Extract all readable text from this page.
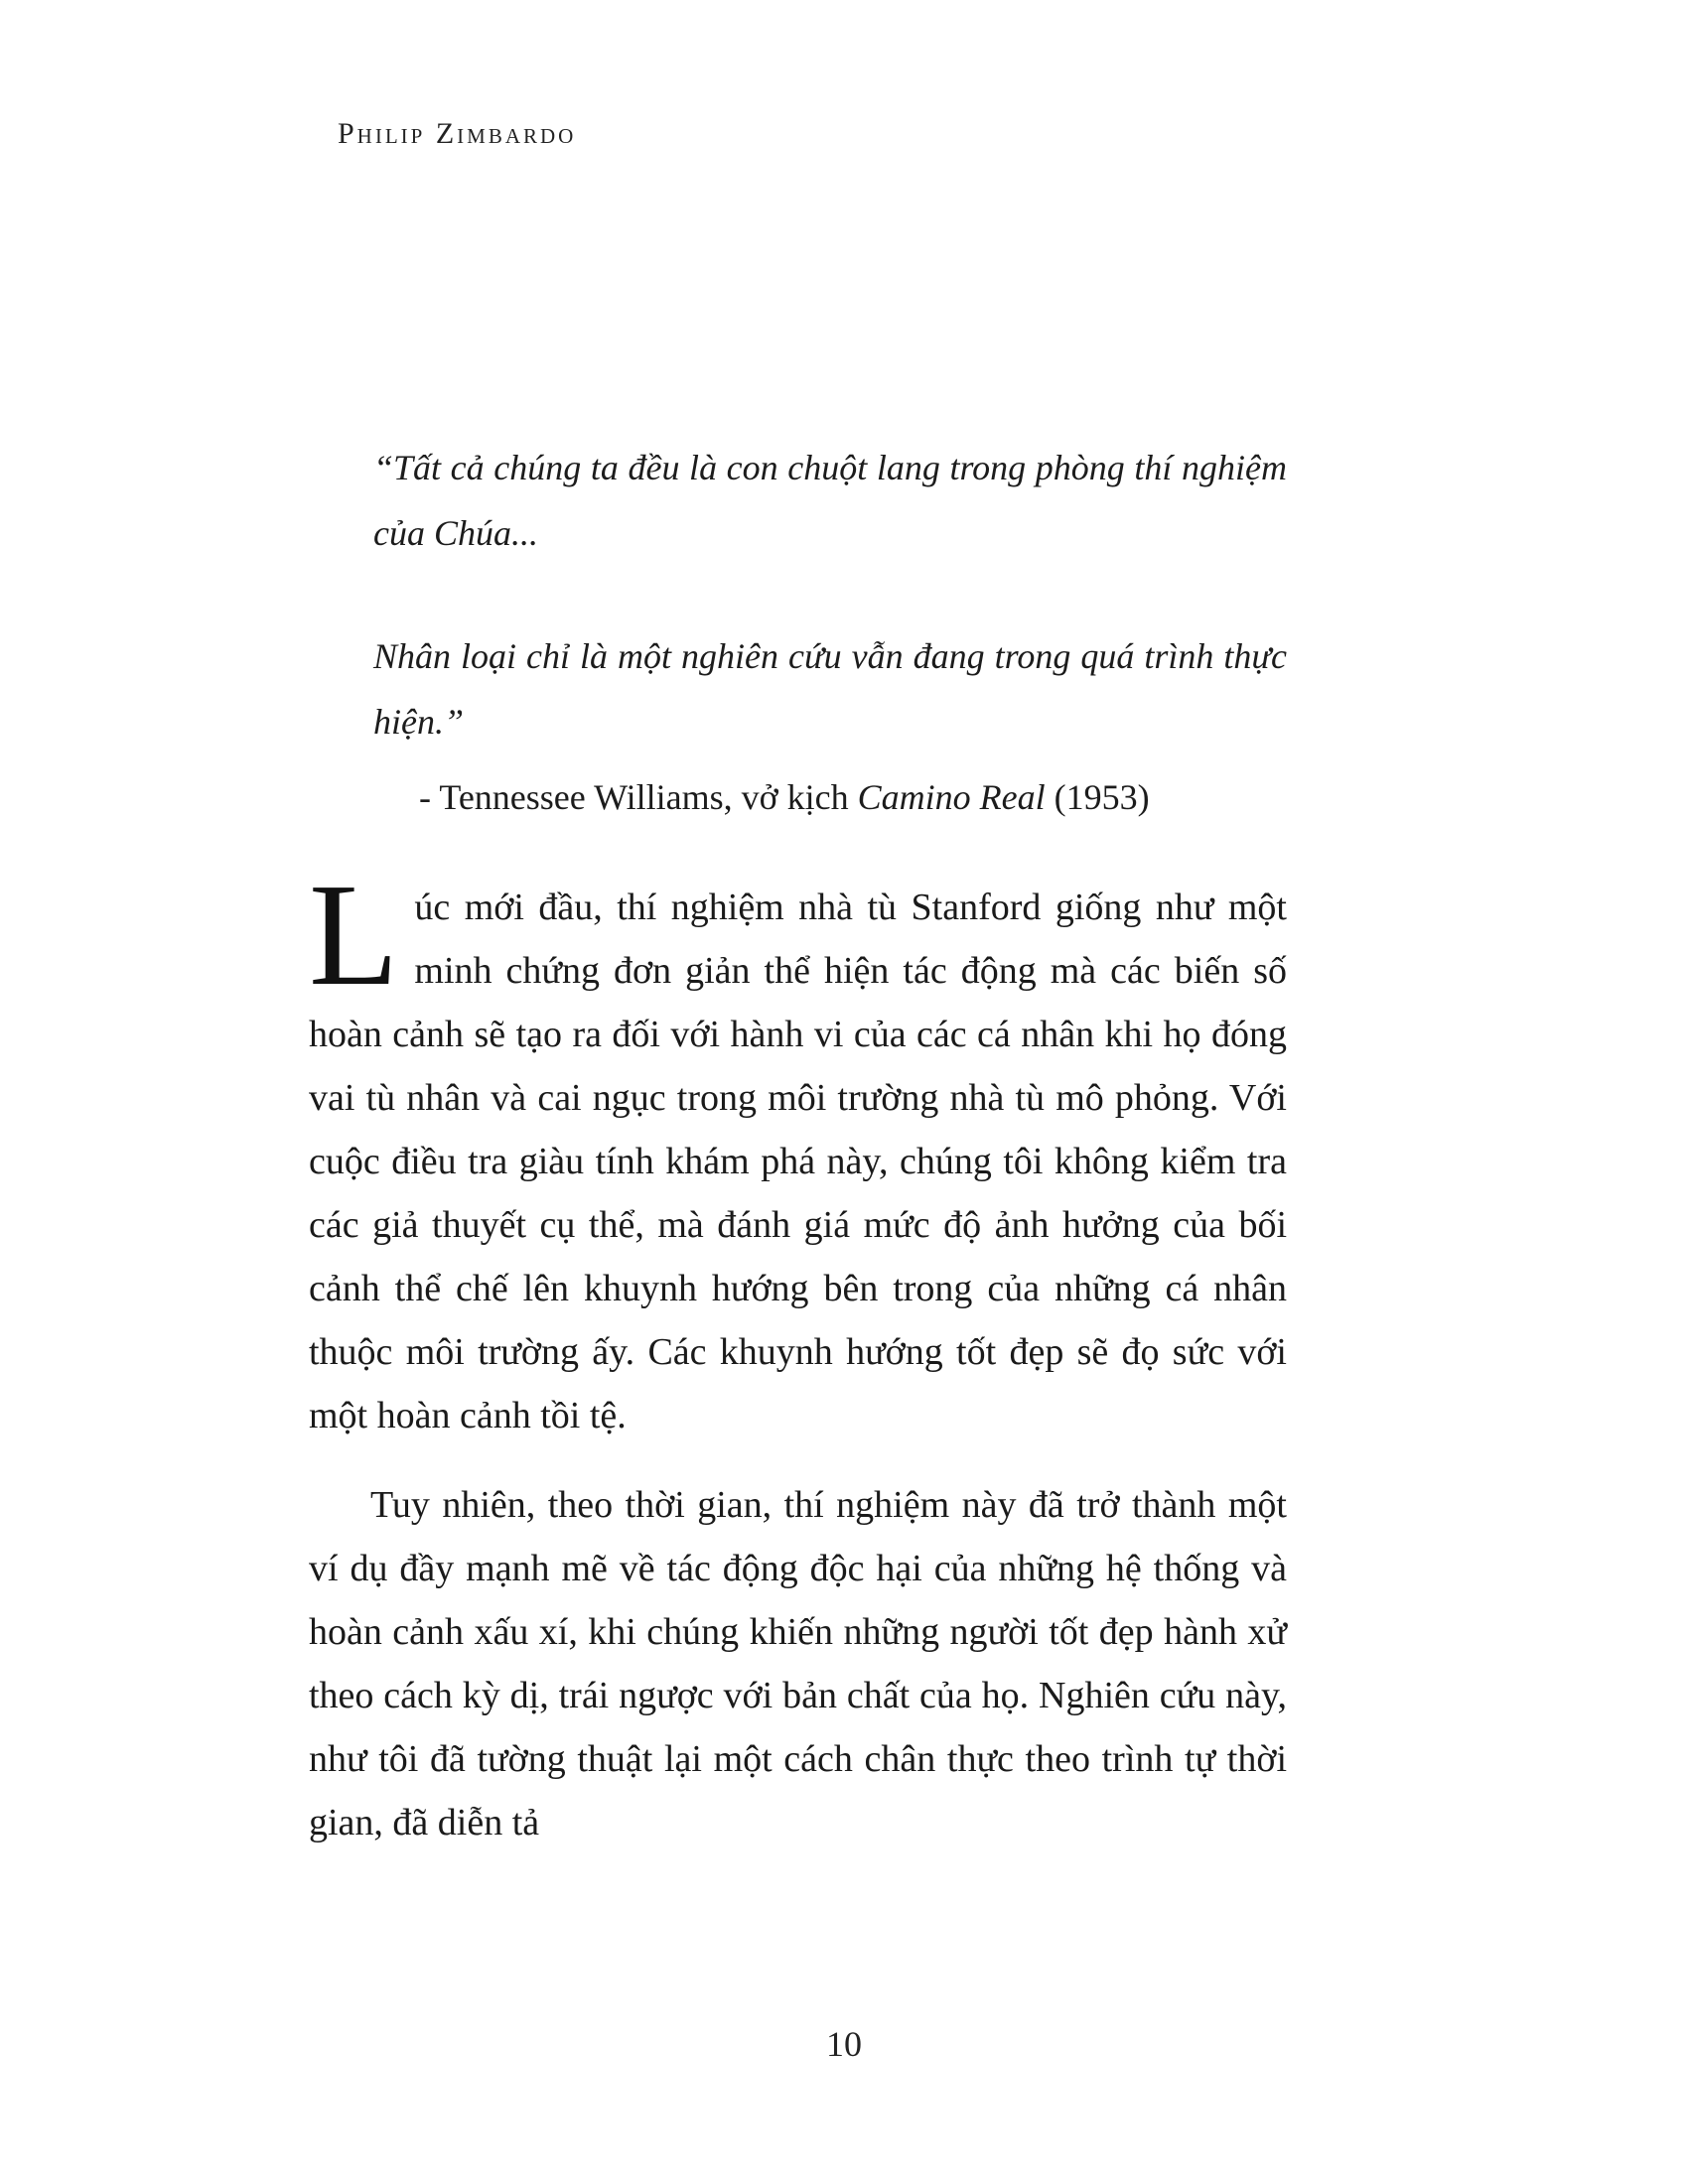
Philip Zimbardo

“Tất cả chúng ta đều là con chuột lang trong phòng thí nghiệm của Chúa...

Nhân loại chỉ là một nghiên cứu vẫn đang trong quá trình thực hiện.”

- Tennessee Williams, vở kịch Camino Real (1953)

Lúc mới đầu, thí nghiệm nhà tù Stanford giống như một minh chứng đơn giản thể hiện tác động mà các biến số hoàn cảnh sẽ tạo ra đối với hành vi của các cá nhân khi họ đóng vai tù nhân và cai ngục trong môi trường nhà tù mô phỏng. Với cuộc điều tra giàu tính khám phá này, chúng tôi không kiểm tra các giả thuyết cụ thể, mà đánh giá mức độ ảnh hưởng của bối cảnh thể chế lên khuynh hướng bên trong của những cá nhân thuộc môi trường ấy. Các khuynh hướng tốt đẹp sẽ đọ sức với một hoàn cảnh tồi tệ.

Tuy nhiên, theo thời gian, thí nghiệm này đã trở thành một ví dụ đầy mạnh mẽ về tác động độc hại của những hệ thống và hoàn cảnh xấu xí, khi chúng khiến những người tốt đẹp hành xử theo cách kỳ dị, trái ngược với bản chất của họ. Nghiên cứu này, như tôi đã tường thuật lại một cách chân thực theo trình tự thời gian, đã diễn tả

10
